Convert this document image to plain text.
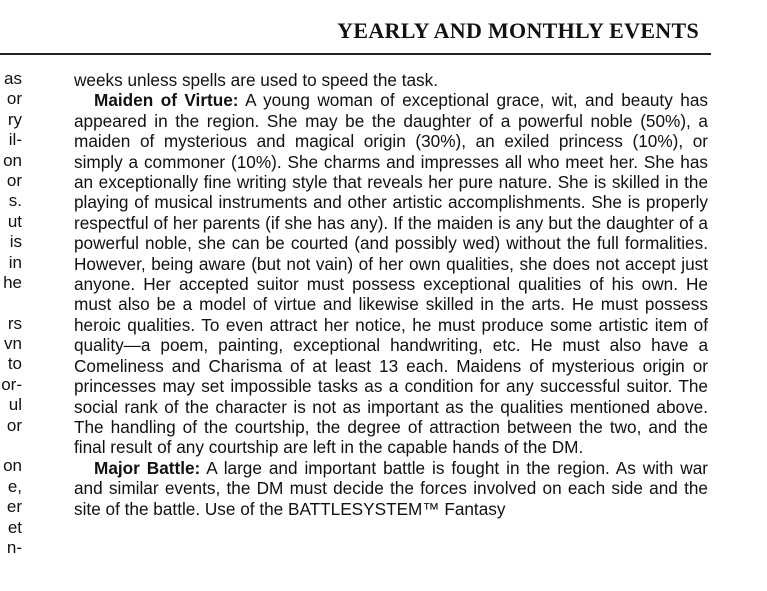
YEARLY AND MONTHLY EVENTS
as
or
ry
il-
on
or
s.
ut
is
in
he
rs
vn
to
or-
ul
or
on
e,
er
et
n-

weeks unless spells are used to speed the task.

Maiden of Virtue: A young woman of exceptional grace, wit, and beauty has appeared in the region. She may be the daughter of a powerful noble (50%), a maiden of mysterious and magical origin (30%), an exiled princess (10%), or simply a commoner (10%). She charms and impresses all who meet her. She has an exceptionally fine writing style that reveals her pure nature. She is skilled in the playing of musical instruments and other artistic accomplishments. She is properly respectful of her parents (if she has any). If the maiden is any but the daughter of a powerful noble, she can be courted (and possibly wed) without the full formalities. However, being aware (but not vain) of her own qualities, she does not accept just anyone. Her accepted suitor must possess exceptional qualities of his own. He must also be a model of virtue and likewise skilled in the arts. He must possess heroic qualities. To even attract her notice, he must produce some artistic item of quality—a poem, painting, exceptional handwriting, etc. He must also have a Comeliness and Charisma of at least 13 each. Maidens of mysterious origin or princesses may set impossible tasks as a condition for any successful suitor. The social rank of the character is not as important as the qualities mentioned above. The handling of the courtship, the degree of attraction between the two, and the final result of any courtship are left in the capable hands of the DM.

Major Battle: A large and important battle is fought in the region. As with war and similar events, the DM must decide the forces involved on each side and the site of the battle. Use of the BATTLESYSTEM™ Fantasy
